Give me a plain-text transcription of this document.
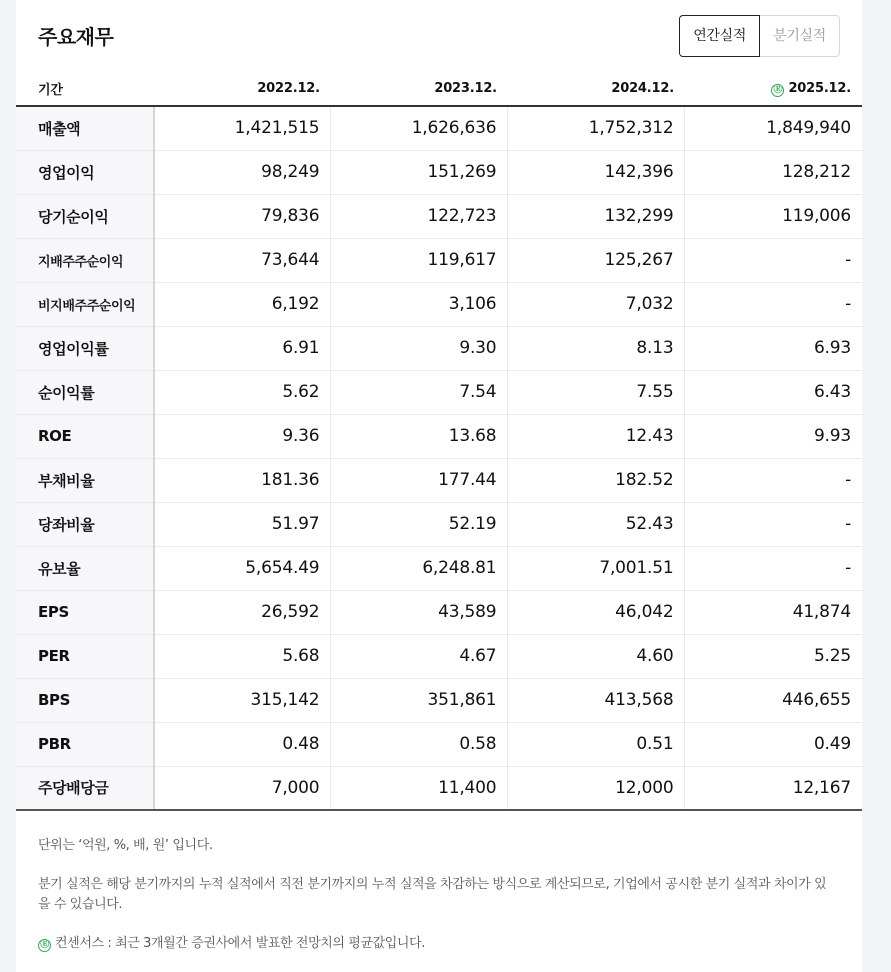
주요재무	연간실적	분기실적
기간	2022.12.	2023.12.	2024.12.	Ⓔ 2025.12.
매출액	1,421,515	1,626,636	1,752,312	1,849,940
영업이익	98,249	151,269	142,396	128,212
당기순이익	79,836	122,723	132,299	119,006
지배주주순이익	73,644	119,617	125,267	-
비지배주주순이익	6,192	3,106	7,032	-
영업이익률	6.91	9.30	8.13	6.93
순이익률	5.62	7.54	7.55	6.43
ROE	9.36	13.68	12.43	9.93
부채비율	181.36	177.44	182.52	-
당좌비율	51.97	52.19	52.43	-
유보율	5,654.49	6,248.81	7,001.51	-
EPS	26,592	43,589	46,042	41,874
PER	5.68	4.67	4.60	5.25
BPS	315,142	351,861	413,568	446,655
PBR	0.48	0.58	0.51	0.49
주당배당금	7,000	11,400	12,000	12,167
단위는 ‘억원, %, 배, 원’ 입니다.
분기 실적은 해당 분기까지의 누적 실적에서 직전 분기까지의 누적 실적을 차감하는 방식으로 계산되므로, 기업에서 공시한 분기 실적과 차이가 있을 수 있습니다.
Ⓔ 컨센서스 : 최근 3개월간 증권사에서 발표한 전망치의 평균값입니다.
